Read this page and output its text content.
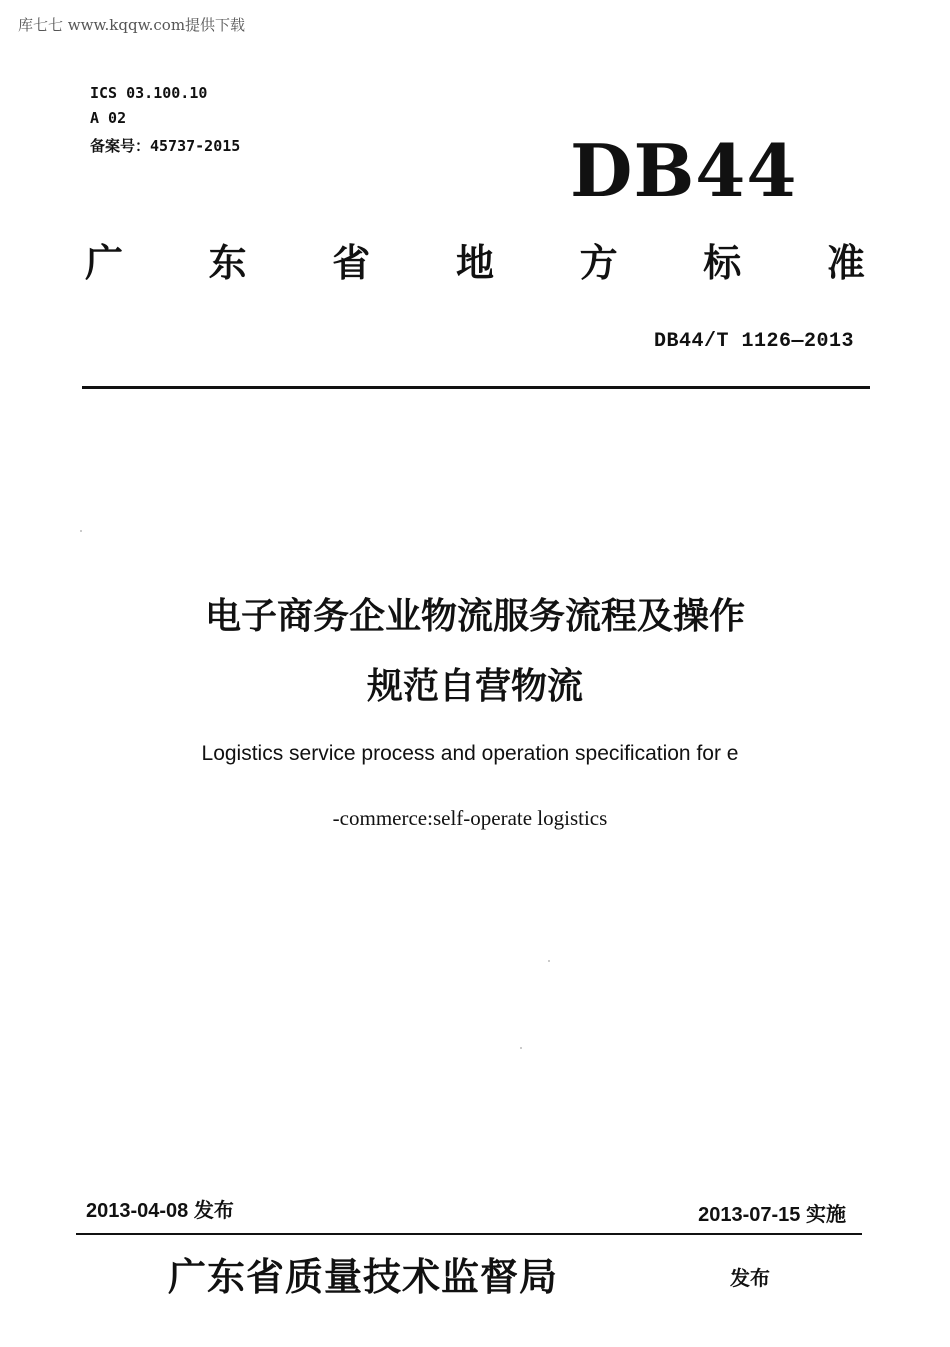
库七七 www.kqqw.com提供下载
ICS 03.100.10
A 02
备案号：45737-2015	DB44
广 东 省 地 方 标 准
DB44/T 1126—2013
电子商务企业物流服务流程及操作
规范自营物流
Logistics service process and operation specification for e
-commerce:self-operate logistics
2013-04-08 发布	2013-07-15 实施
广东省质量技术监督局	发布
